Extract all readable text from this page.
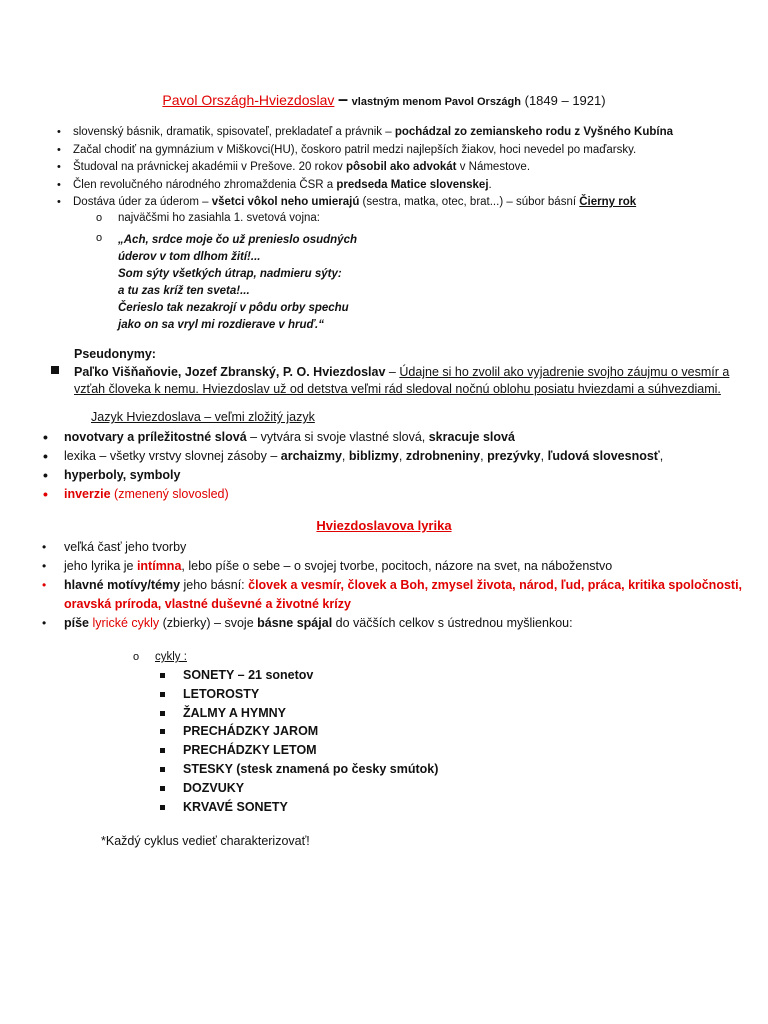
Pavol Országh-Hviezdoslav – vlastným menom Pavol Országh (1849 – 1921)
• slovenský básnik, dramatik, spisovateľ, prekladateľ a právnik – pochádzal zo zemianskeho rodu z Vyšného Kubína
• Začal chodiť na gymnázium v Miškovci(HU), čoskoro patril medzi najlepších žiakov, hoci nevedel po maďarsky.
• Študoval na právnickej akadémii v Prešove. 20 rokov pôsobil ako advokát v Námestove.
• Člen revolučného národného zhromaždenia ČSR a predseda Matice slovenskej.
• Dostáva úder za úderom – všetci vôkol neho umierajú (sestra, matka, otec, brat...) – súbor básní Čierny rok
o najväčšmi ho zasiahla 1. svetová vojna:
o „Ach, srdce moje čo už prenieslo osudných
úderov v tom dlhom žití!...
Som sýty všetkých útrap, nadmieru sýty:
a tu zas kríž ten sveta!...
Čerieslo tak nezakrojí v pôdu orby spechu
jako on sa vryl mi rozdierave v hruď.“
Pseudonymy:
Paľko Višňaňovie, Jozef Zbranský, P. O. Hviezdoslav – Údajne si ho zvolil ako vyjadrenie svojho záujmu o vesmír a vzťah človeka k nemu. Hviezdoslav už od detstva veľmi rád sledoval nočnú oblohu posiatu hviezdami a súhvezdiami.
Jazyk Hviezdoslava – veľmi zložitý jazyk
• novotvary a príležitostné slová – vytvára si svoje vlastné slová, skracuje slová
• lexika – všetky vrstvy slovnej zásoby – archaizmy, biblizmy, zdrobneniny, prezývky, ľudová slovesnosť,
• hyperboly, symboly
• inverzie (zmenený slovosled)
Hviezdoslavova lyrika
• veľká časť jeho tvorby
• jeho lyrika je intímna, lebo píše o sebe – o svojej tvorbe, pocitoch, názore na svet, na náboženstvo
• hlavné motívy/témy jeho básní: človek a vesmír, človek a Boh, zmysel života, národ, ľud, práca, kritika spoločnosti, oravská príroda, vlastné duševné a životné krízy
• píše lyrické cykly (zbierky) – svoje básne spájal do väčších celkov s ústrednou myšlienkou:
o cykly :
SONETY – 21 sonetov
LETOROSTY
ŽALMY A HYMNY
PRECHÁDZKY JAROM
PRECHÁDZKY LETOM
STESKY (stesk znamená po česky smútok)
DOZVUKY
KRVAVÉ SONETY
*Každý cyklus vedieť charakterizovať!
